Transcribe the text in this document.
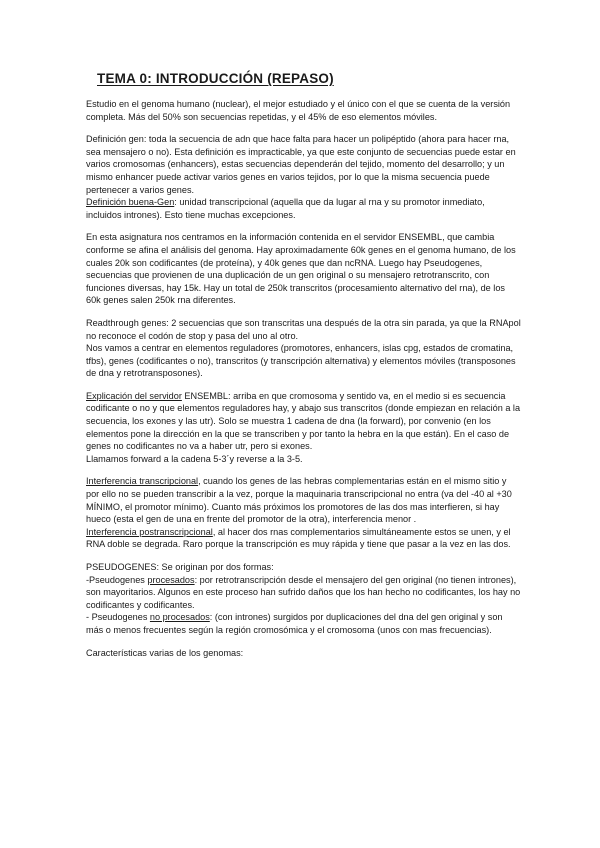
TEMA 0: INTRODUCCIÓN (REPASO)

Estudio en el genoma humano (nuclear), el mejor estudiado y el único con el que se cuenta de la versión completa. Más del 50% son secuencias repetidas, y el 45% de eso elementos móviles.

Definición gen: toda la secuencia de adn que hace falta para hacer un polipéptido (ahora para hacer rna, sea mensajero o no). Esta definición es impracticable, ya que este conjunto de secuencias puede estar en varios cromosomas (enhancers), estas secuencias dependerán del tejido, momento del desarrollo; y un mismo enhancer puede activar varios genes en varios tejidos, por lo que la misma secuencia puede pertenecer a varios genes.

Definición buena-Gen: unidad transcripcional (aquella que da lugar al rna y su promotor inmediato, incluidos intrones). Esto tiene muchas excepciones.

En esta asignatura nos centramos en la información contenida en el servidor ENSEMBL, que cambia conforme se afina el análisis del genoma. Hay aproximadamente 60k genes en el genoma humano, de los cuales 20k son codificantes (de proteína), y 40k genes que dan ncRNA. Luego hay Pseudogenes, secuencias que provienen de una duplicación de un gen original o su mensajero retrotranscrito, con funciones diversas, hay 15k. Hay un total de 250k transcritos (procesamiento alternativo del rna), de los 60k genes salen 250k rna diferentes.

Readthrough genes: 2 secuencias que son transcritas una después de la otra sin parada, ya que la RNApol no reconoce el codón de stop y pasa del uno al otro.

Nos vamos a centrar en elementos reguladores (promotores, enhancers, islas cpg, estados de cromatina, tfbs), genes (codificantes o no), transcritos (y transcripción alternativa) y elementos móviles (transposones de dna y retrotransposones).

Explicación del servidor ENSEMBL: arriba en que cromosoma y sentido va, en el medio si es secuencia codificante o no y que elementos reguladores hay, y abajo sus transcritos (donde empiezan en relación a la secuencia, los exones y las utr). Solo se muestra 1 cadena de dna (la forward), por convenio (en los elementos pone la dirección en la que se transcriben y por tanto la hebra en la que están). En el caso de genes no codificantes no va a haber utr, pero si exones.

Llamamos forward a la cadena 5-3´y reverse a la 3-5.

Interferencia transcripcional, cuando los genes de las hebras complementarias están en el mismo sitio y por ello no se pueden transcribir a la vez, porque la maquinaria transcripcional no entra (va del -40 al +30 MÍNIMO, el promotor mínimo). Cuanto más próximos los promotores de las dos mas interfieren, si hay hueco (esta el gen de una en frente del promotor de la otra), interferencia menor .

Interferencia postranscripcional, al hacer dos rnas complementarios simultáneamente estos se unen, y el RNA doble se degrada. Raro porque la transcripción es muy rápida y tiene que pasar a la vez en las dos.

PSEUDOGENES: Se originan por dos formas:

-Pseudogenes procesados: por retrotranscripción desde el mensajero del gen original (no tienen intrones), son mayoritarios. Algunos en este proceso han sufrido daños que los han hecho no codificantes, los hay no codificantes y codificantes.

- Pseudogenes no procesados: (con intrones) surgidos por duplicaciones del dna del gen original y son más o menos frecuentes según la región cromosómica y el cromosoma (unos con mas frecuencias).

Características varias de los genomas:
